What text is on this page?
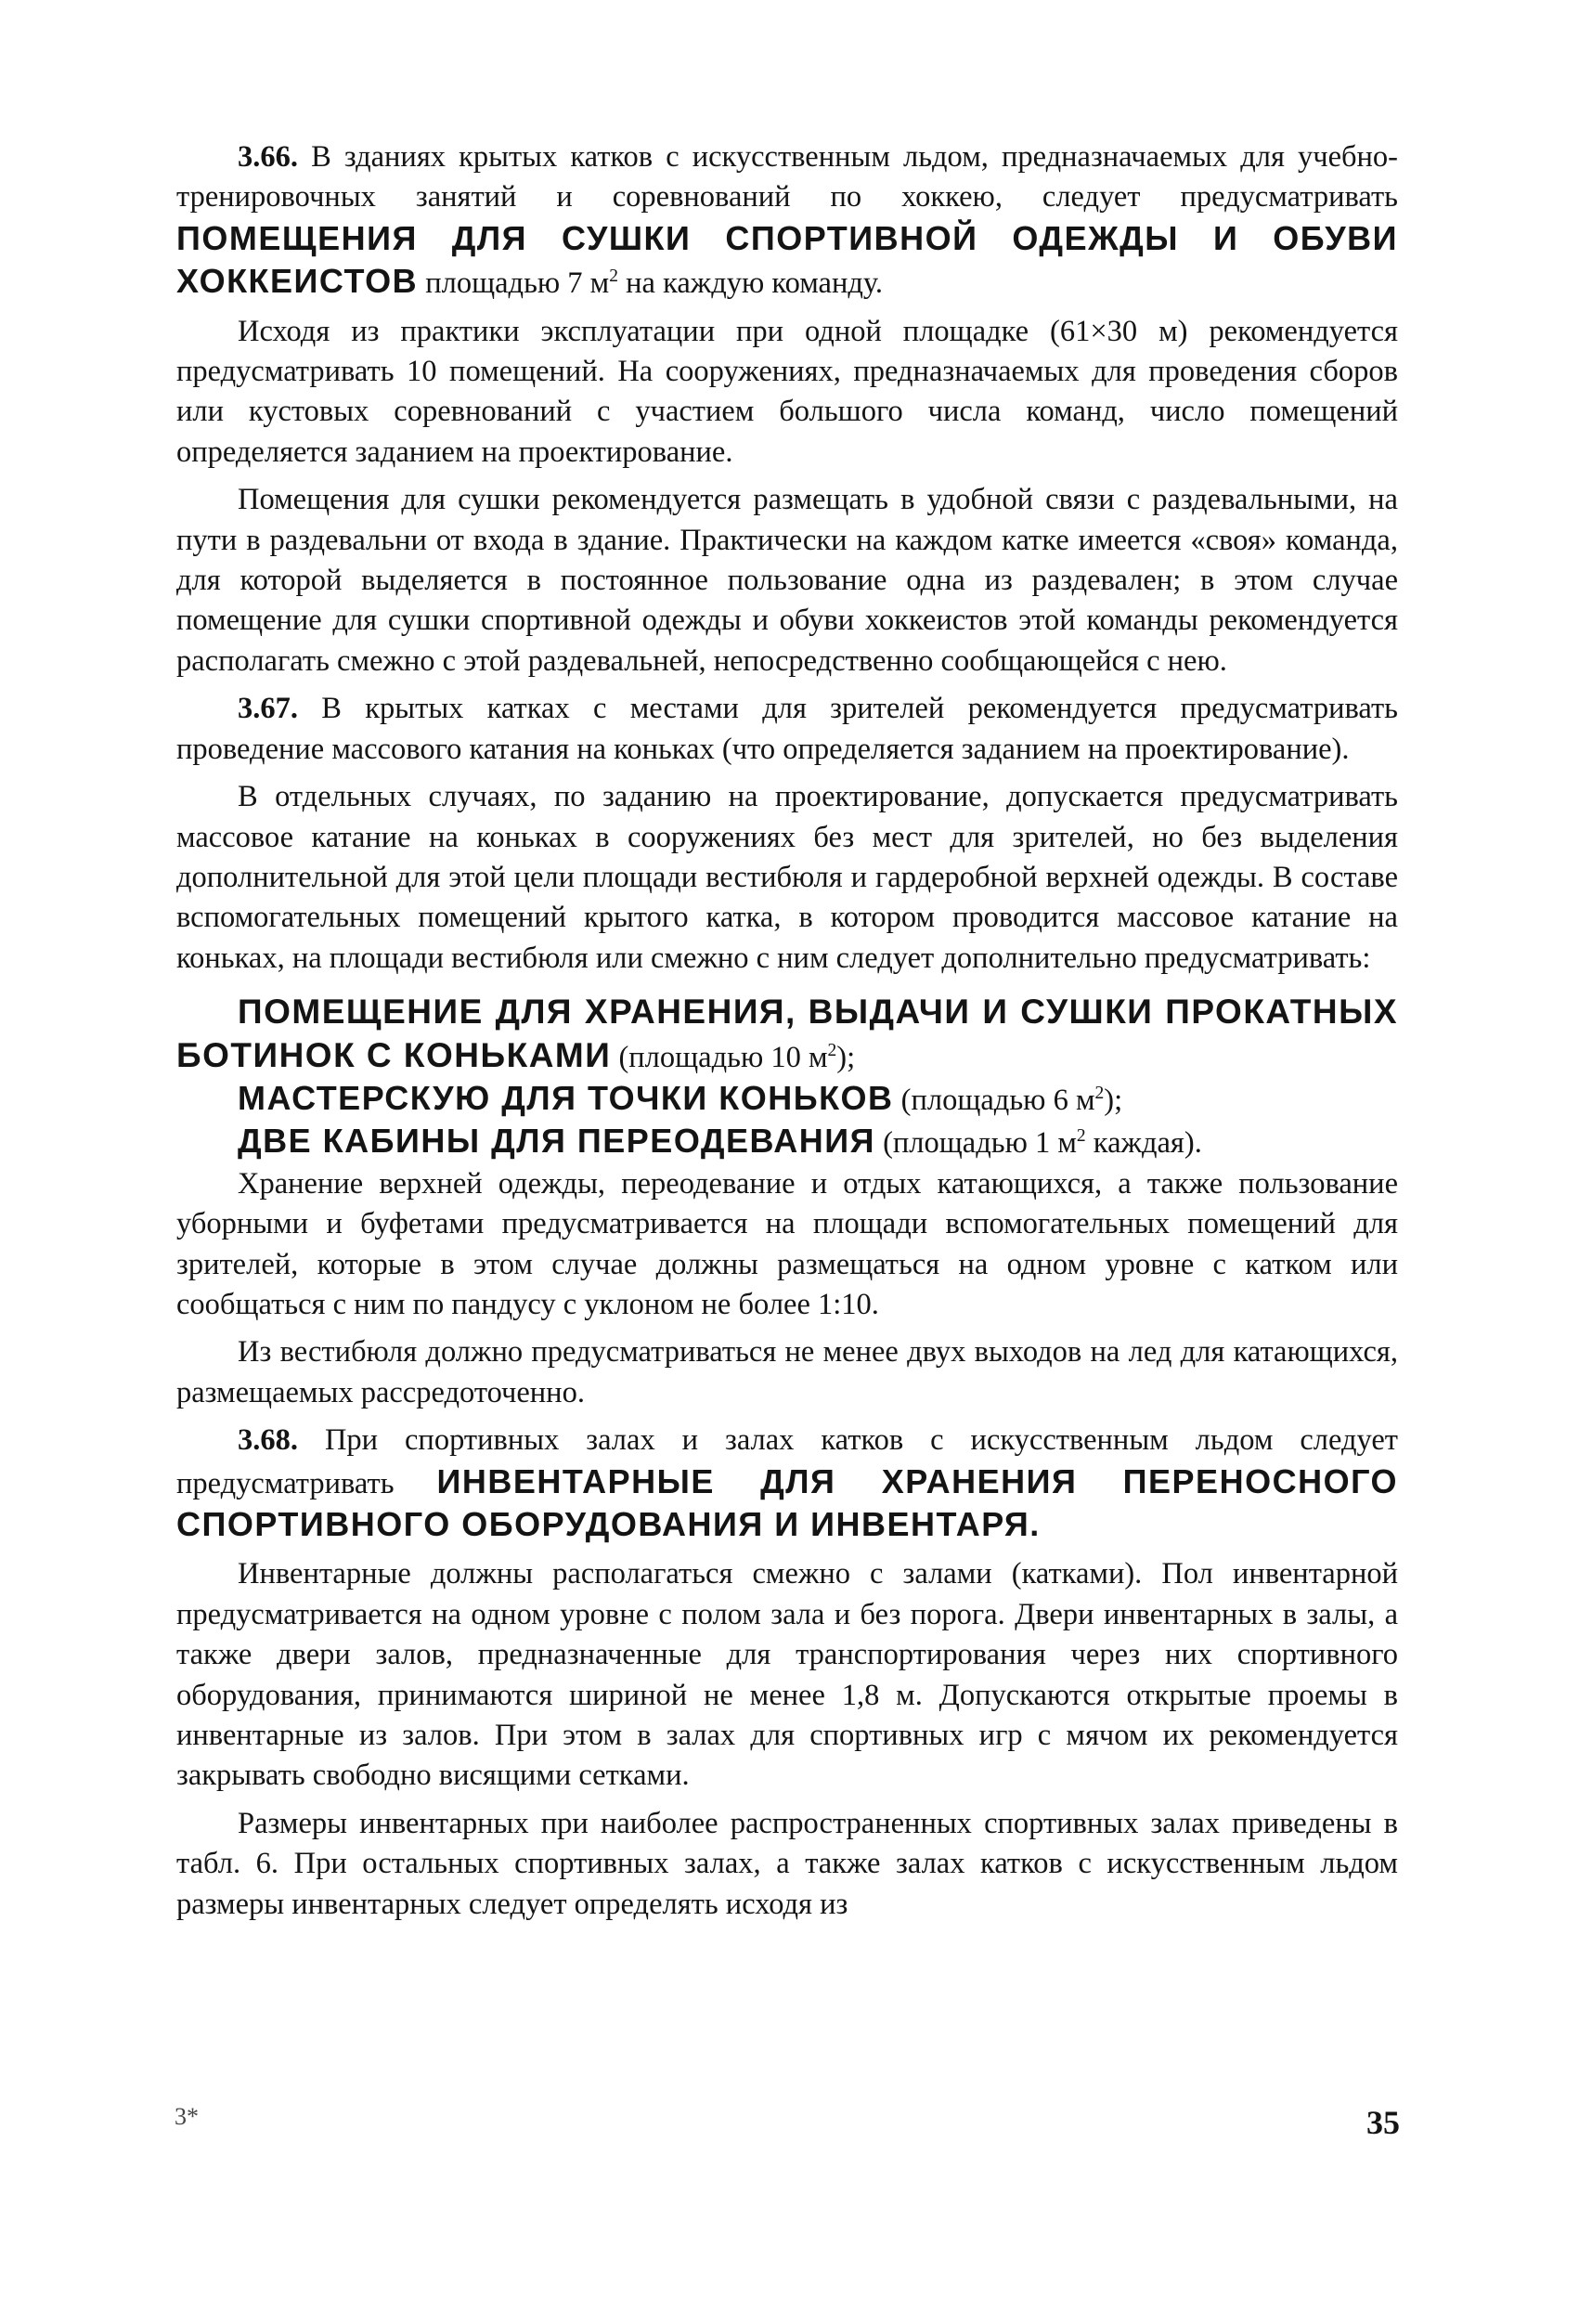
3.66. В зданиях крытых катков с искусственным льдом, предназначаемых для учебно-тренировочных занятий и соревнований по хоккею, следует предусматривать ПОМЕЩЕНИЯ ДЛЯ СУШКИ СПОРТИВНОЙ ОДЕЖДЫ И ОБУВИ ХОККЕИСТОВ площадью 7 $м^2$ на каждую команду.

Исходя из практики эксплуатации при одной площадке (61×30 м) рекомендуется предусматривать 10 помещений. На сооружениях, предназначаемых для проведения сборов или кустовых соревнований с участием большого числа команд, число помещений определяется заданием на проектирование.

Помещения для сушки рекомендуется размещать в удобной связи с раздевальными, на пути в раздевальни от входа в здание. Практически на каждом катке имеется «своя» команда, для которой выделяется в постоянное пользование одна из раздевален; в этом случае помещение для сушки спортивной одежды и обуви хоккеистов этой команды рекомендуется располагать смежно с этой раздевальней, непосредственно сообщающейся с нею.

3.67. В крытых катках с местами для зрителей рекомендуется предусматривать проведение массового катания на коньках (что определяется заданием на проектирование).

В отдельных случаях, по заданию на проектирование, допускается предусматривать массовое катание на коньках в сооружениях без мест для зрителей, но без выделения дополнительной для этой цели площади вестибюля и гардеробной верхней одежды. В составе вспомогательных помещений крытого катка, в котором проводится массовое катание на коньках, на площади вестибюля или смежно с ним следует дополнительно предусматривать:

ПОМЕЩЕНИЕ ДЛЯ ХРАНЕНИЯ, ВЫДАЧИ И СУШКИ ПРОКАТНЫХ БОТИНОК С КОНЬКАМИ (площадью 10 $м^2$);

МАСТЕРСКУЮ ДЛЯ ТОЧКИ КОНЬКОВ (площадью 6 $м^2$);

ДВЕ КАБИНЫ ДЛЯ ПЕРЕОДЕВАНИЯ (площадью 1 $м^2$ каждая).

Хранение верхней одежды, переодевание и отдых катающихся, а также пользование уборными и буфетами предусматривается на площади вспомогательных помещений для зрителей, которые в этом случае должны размещаться на одном уровне с катком или сообщаться с ним по пандусу с уклоном не более 1:10.

Из вестибюля должно предусматриваться не менее двух выходов на лед для катающихся, размещаемых рассредоточенно.

3.68. При спортивных залах и залах катков с искусственным льдом следует предусматривать ИНВЕНТАРНЫЕ ДЛЯ ХРАНЕНИЯ ПЕРЕНОСНОГО СПОРТИВНОГО ОБОРУДОВАНИЯ И ИНВЕНТАРЯ.

Инвентарные должны располагаться смежно с залами (катками). Пол инвентарной предусматривается на одном уровне с полом зала и без порога. Двери инвентарных в залы, а также двери залов, предназначенные для транспортирования через них спортивного оборудования, принимаются шириной не менее 1,8 м. Допускаются открытые проемы в инвентарные из залов. При этом в залах для спортивных игр с мячом их рекомендуется закрывать свободно висящими сетками.

Размеры инвентарных при наиболее распространенных спортивных залах приведены в табл. 6. При остальных спортивных залах, а также залах катков с искусственным льдом размеры инвентарных следует определять исходя из

3*	35
